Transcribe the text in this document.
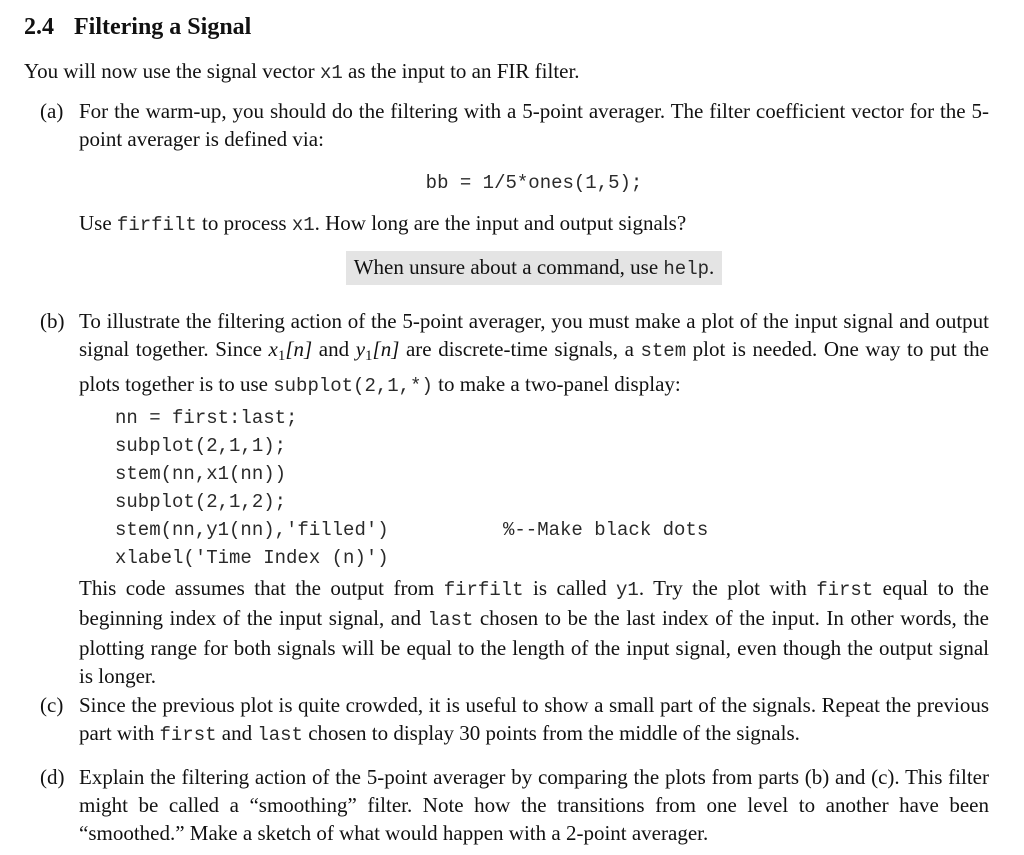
2.4 Filtering a Signal
You will now use the signal vector x1 as the input to an FIR filter.
(a) For the warm-up, you should do the filtering with a 5-point averager. The filter coefficient vector for the 5-point averager is defined via:
bb = 1/5*ones(1,5);
Use firfilt to process x1. How long are the input and output signals?
When unsure about a command, use help.
(b) To illustrate the filtering action of the 5-point averager, you must make a plot of the input signal and output signal together. Since $x_1[n]$ and $y_1[n]$ are discrete-time signals, a stem plot is needed. One way to put the plots together is to use subplot(2,1,*) to make a two-panel display:
nn = first:last;
subplot(2,1,1);
stem(nn,x1(nn))
subplot(2,1,2);
stem(nn,y1(nn),'filled')	%--Make black dots
xlabel('Time Index (n)')
This code assumes that the output from firfilt is called y1. Try the plot with first equal to the beginning index of the input signal, and last chosen to be the last index of the input. In other words, the plotting range for both signals will be equal to the length of the input signal, even though the output signal is longer.
(c) Since the previous plot is quite crowded, it is useful to show a small part of the signals. Repeat the previous part with first and last chosen to display 30 points from the middle of the signals.
(d) Explain the filtering action of the 5-point averager by comparing the plots from parts (b) and (c). This filter might be called a “smoothing” filter. Note how the transitions from one level to another have been “smoothed.” Make a sketch of what would happen with a 2-point averager.
